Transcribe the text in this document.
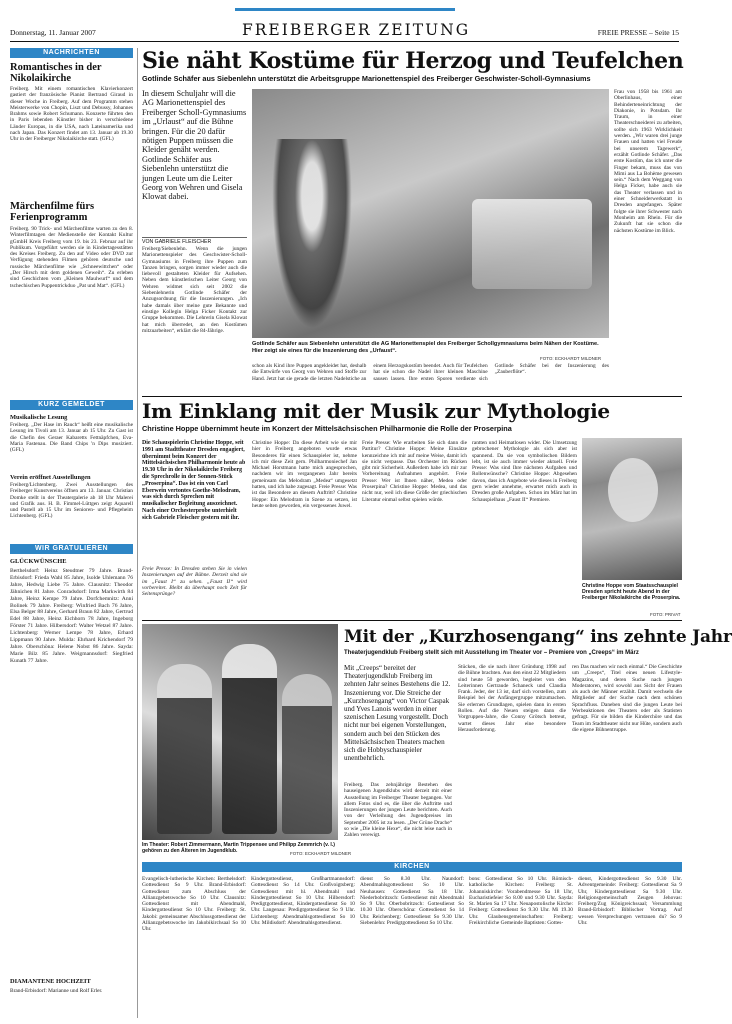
Donnerstag, 11. Januar 2007	FREIBERGER ZEITUNG	FREIE PRESSE – Seite 15
NACHRICHTEN
Romantisches in der Nikolaikirche
Freiberg. Mit einem romantischen Klavierkonzert gastiert der französische Pianist Bertrand Giraud in dieser Woche in Freiberg. Auf dem Programm stehen Meisterwerke von Chopin, Liszt und Debussy, Johannes Brahms sowie Robert Schumann. Konzerte führten den in Paris lebenden Künstler bisher in verschiedene Länder Europas, in die USA, nach Lateinamerika und nach Japan. Das Konzert findet am 13. Januar ab 19.30 Uhr in der Freiberger Nikolaikirche statt. (GFL)
Märchenfilme fürs Ferienprogramm
Freiberg. 90 Trick- und Märchenfilme warten zu den 8. Winterfilmtagen der Medienstelle der Kontakt Kultur gGmbH Kreis Freiberg vom 19. bis 23. Februar auf ihr Publikum. Vorgeführt werden sie in Kindertagesstätten des Kreises Freiberg. Zu den auf Video oder DVD zur Verfügung stehenden Filmen gehören deutsche und russische Märchenfilme wie „Schneewittchen“ oder „Der Hirsch mit dem goldenen Geweih“. Zu erleben sind Geschichten vom „Kleinen Maulwurf“ und dem tschechischen Puppentrickduo „Pat und Mat“. (GFL)
KURZ GEMELDET
Musikalische Lesung
Freiberg. „Der Hase im Rauch“ heißt eine musikalische Lesung im Tivoli am 13. Januar ab 15 Uhr. Zu Gast ist die Chefin des Geraer Kabaretts Fettnäpfchen, Eva-Maria Fastenau. Die Band Chips 'n Dips musiziert. (GFL)
Verein eröffnet Ausstellungen
Freiberg/Lichtenberg. Zwei Ausstellungen des Freiberger Kunstvereins öffnen am 13. Januar. Christian Domke stellt in der Theatergalerie ab 18 Uhr Malerei und Grafik aus. H. B. Fimmel-Lüttgen zeigt Aquarell und Pastell ab 15 Uhr im Senioren- und Pflegeheim Lichtenberg. (GFL)
WIR GRATULIEREN
GLÜCKWÜNSCHE
Berthelsdorf: Heinz Steudtner 79 Jahre. Brand-Erbisdorf: Frieda Wahl 85 Jahre, Isolde Uhlemann 76 Jahre, Hedwig Liebe 75 Jahre. Clausnitz: Theodor Jähnichen 81 Jahre. Conradsdorf: Irma Markwirth 84 Jahre, Heinz Kempe 79 Jahre. Dorfchemnitz: Anni Bolinek 79 Jahre. Freiberg: Winfried Bach 76 Jahre, Elsa Belger 88 Jahre, Gerhard Braun 82 Jahre, Gertrud Edel 88 Jahre, Heinz Eichhorn 78 Jahre, Ingeborg Förster 71 Jahre. Hilbersdorf: Walter Wetzel 87 Jahre. Lichtenberg: Werner Lempe 78 Jahre, Erhard Lippmann 90 Jahre. Mulda: Ehrhard Krichendorf 79 Jahre. Oberschöna: Helene Nobst 86 Jahre. Sayda: Marie Bilz 85 Jahre. Weigmannsdorf: Siegfried Kunath 77 Jahre.
DIAMANTENE HOCHZEIT
Brand-Erbisdorf: Marianne und Rolf Erler.
Sie näht Kostüme für Herzog und Teufelchen
Gotlinde Schäfer aus Siebenlehn unterstützt die Arbeitsgruppe Marionettenspiel des Freiberger Geschwister-Scholl-Gymnasiums
In diesem Schuljahr will die AG Marionettenspiel des Freiberger Scholl-Gymnasiums im „Urlaust“ auf die Bühne bringen. Für die 20 dafür nötigen Puppen müssen die Kleider genäht werden. Gotlinde Schäfer aus Siebenlehn unterstützt die jungen Leute um die Leiter Georg von Wehren und Gisela Klowat dabei.
VON GABRIELE FLEISCHER
Freiberg/Siebenlehn. Wenn die jungen Marionettenspieler des Geschwister-Scholl-Gymnasiums in Freiberg ihre Puppen zum Tanzen bringen, sorgen immer wieder auch die liebevoll gestalteten Kleider für Aufsehen. Neben dem künstlerischen Leiter Georg von Wehren widmet sich seit 2002 die Siebenlehnerin Gotlinde Schäfer der Anzugsordnung für die Inszenierungen. „Ich habe damals über meine gute Bekannte und einstige Kollegin Helga Ficker Kontakt zur Gruppe bekommen. Die Lehrerin Gisela Klowat hat mich überredet, an den Kostümen mitzuarbeiten“, erklärt die 84-Jährige.
Gotlinde Schäfer aus Siebenlehn unterstützt die AG Marionettenspiel des Freiberger Schollgymnasiums beim Nähen der Kostüme. Hier zeigt sie eines für die Inszenierung des „Urfaust“.
FOTO: ECKHARDT MILDNER
schon als Kind ihre Puppen angekleidet hat, deshalb die Entwürfe von Georg von Wehren und Stoffe zur Hand. Jetzt hat sie gerade die letzten Nadelstiche an einem Herzogskostüm beendet. Auch für Teufelchen hat sie schon die Nadel ihrer kleinen Maschine sausen lassen. Ihre ersten Sporen verdiente sich Gotlinde Schäfer bei der Inszenierung des „Zauberflöte“.
Frau von 1958 bis 1961 am Oberlinhaus, einer Behinderteneinrichtung der Diakonie, in Potsdam. Ihr Traum, in einer Theaterschneiderei zu arbeiten, sollte sich 1963 Wirklichkeit werden. „Wir waren drei junge Frauen und hatten viel Freude bei unserem Tagewerk“, erzählt Gotlinde Schäfer. „Das erste Kostüm, das ich unter die Finger bekam, muss das von Mimi aus La Bohème gewesen sein.“ Nach dem Weggang von Helga Ficker, habe auch sie das Theater verlassen und in einer Schneiderwerkstatt in Dresden angefangen. Später folgte sie ihrer Schwester nach Monheim am Rhein. Für die Zukunft hat sie schon die nächsten Kostüme im Blick.
Im Einklang mit der Musik zur Mythologie
Christine Hoppe übernimmt heute im Konzert der Mittelsächsischen Philharmonie die Rolle der Proserpina
Die Schauspielerin Christine Hoppe, seit 1991 am Stadttheater Dresden engagiert, übernimmt beim Konzert der Mittelsächsischen Philharmonie heute ab 19.30 Uhr in der Nikolaikirche Freiberg die Sprechrolle in der Sonnen-Stück „Proserpina“. Das ist ein von Carl Eberwein vertontes Goethe-Melodram, was sich durch Sprechen mit musikalischer Begleitung auszeichnet. Nach einer Orchesterprobe unterhielt sich Gabriele Fleischer gestern mit ihr.
Freie Presse: In Dresden stehen Sie in vielen Inszenierungen auf der Bühne. Derzeit sind sie im „Faust I“ zu sehen. „Faust II“ wird vorbereitet. Bleibt da überhaupt noch Zeit für Seitensprünge?
Christine Hoppe: Da diese Arbeit wie sie mir hier in Freiberg angeboten wurde etwas Besonderes für einen Schauspieler ist, nehme ich mir diese Zeit gern. Philharmoniechef Jan Michael Horstmann hatte mich angesprochen, nachdem wir im vergangenen Jahr bereits gemeinsam das Melodram „Medea“ umgesetzt hatten, und ich habe zugesagt. Freie Presse: Was ist das Besondere an diesem Auftritt? Christine Hoppe: Ein Melodram in Szene zu setzen, ist heute selten geworden, ein vergessenes Juwel.
Freie Presse: Wie erarbeiten Sie sich dann die Partitur? Christine Hoppe: Meine Einsätze kennzeichne ich mir auf meine Weise, damit ich sie nicht verpasse. Das Orchester im Rücken gibt mir Sicherheit. Außerdem habe ich mir zur Vorbereitung Aufnahmen angehört. Freie Presse: Wer ist Ihnen näher, Medea oder Proserpina? Christine Hoppe: Medea, und das nicht nur, weil ich diese Größe der griechischen Literatur einmal selbst spielen würde.
rantten und Heimatlosen wider. Die Umsetzung gebrochener Mythologie als sich aber ist spannend. Da sie von symbolischen Bildern lebt, ist sie auch immer wieder aktuell. Freie Presse: Was sind Ihre nächsten Aufgaben und Rollenwünsche? Christine Hoppe: Abgesehen davon, dass ich Angebote wie dieses in Freiberg gern wieder annehme, erwartet mich auch in Dresden große Aufgaben. Schon im März hat im Schauspielhaus „Faust II“ Premiere.
Christine Hoppe vom Staatsschauspiel Dresden spricht heute Abend in der Freiberger Nikolaikirche die Proserpina.
FOTO: PRIVAT
Im Theater: Robert Zimmermann, Martin Trippensee und Philipp Zemmrich (v. l.) gehören zu den Älteren im Jugendklub.	FOTO: ECKHARDT MILDNER
Mit der „Kurzhosengang“ ins zehnte Jahr
Theaterjugendklub Freiberg stellt sich mit Ausstellung im Theater vor – Premiere von „Creeps“ im März
Mit „Creeps“ bereitet der Theaterjugendklub Freiberg im zehnten Jahr seines Bestehens die 12. Inszenierung vor. Die Streiche der „Kurzhosengang“ von Victor Caspak und Yves Lanois werden in einer szenischen Lesung vorgestellt. Doch nicht nur bei eigenen Vorstellungen, sondern auch bei den Stücken des Mittelsächsischen Theaters machen sich die Hobbyschauspieler unentbehrlich.
Freiberg. Das zehnjährige Bestehen des hauseigenen Jugendklubs wird derzeit mit einer Ausstellung im Freiberger Theater begangen. Vor allem Fotos sind es, die über die Auftritte und Inszenierungen der jungen Leute berichten. Auch von der Verleihung des Jugendpreises im September 2005 ist zu lesen. „Der Grüne Drache“ so wie „Die kleine Hexe“, die nicht leise nach in Zahlen verewigt.
Stücken, die sie nach ihrer Gründung 1998 auf die Bühne brachten. Aus den einst 22 Mitgliedern sind heute 50 geworden, begleitet von den Leiterinnen Gertraude Schaneck und Claudia Frank. Jeder, der 13 ist, darf sich vorstellen, zum Beispiel bei der Anfängergruppe mitzumachen. Sie erlernen Grundlagen, spielen dann in ersten Rollen. Auf die Neuen steigen dann die Vorgruppen-Jahre, die Conny Grötsch betreut, wartet dieses Jahr eine besondere Herausforderung.
ren Das machen wir noch einmal.“ Die Geschichte um „Creeps“, Titel eines neuen Lifestyle-Magazins, und deren Suche nach jungen Moderatoren, wird sowohl aus Sicht der Frauen als auch der Männer erzählt. Damit wechseln die Mitglieder auf der Suche nach dem schönen Sprachfluss. Daneben sind die jungen Leute bei Werbeaktionen des Theaters oder als Statisten gefragt. Für sie bilden die Kinderchöre und das Team im Stadttheater nicht nur Hüte, sondern auch die eigene Bühnentruppe.
KIRCHEN
Evangelisch-lutherische Kirchen: Berthelsdorf: Gottesdienst So 9 Uhr. Brand-Erbisdorf: Gottesdienst zum Abschluss der Allianzgebetswoche So 10 Uhr. Clausnitz: Gottesdienst mit Abendmahl, Kindergottesdienst So 10 Uhr. Freiberg: St. Jakobi: gemeinsamer Abschlussgottesdienst der Allianzgebetswoche im Jakobikirchsaal So 10 Uhr.
Kindergottesdienst, Großhartmannsdorf: Gottesdienst So 14 Uhr. Großvoigtsberg: Gottesdienst mit hl. Abendmahl und Kindergottesdienst So 10 Uhr. Hilbersdorf: Predigtgottesdienst, Kindergottesdienst So 10 Uhr. Langenau: Predigtgottesdienst So 9 Uhr. Lichtenberg: Abendmahlsgottesdienst So 10 Uhr. Mildisdorf: Abendmahlsgottesdienst.
dienst So 8.30 Uhr. Naundorf: Abendmahlsgottesdienst So 10 Uhr. Neuhausen: Gottesdienst Sa 18 Uhr. Niederbobritzsch: Gottesdienst mit Abendmahl So 9 Uhr. Oberbobritzsch: Gottesdienst So 10.30 Uhr. Oberschöna: Gottesdienst So 14 Uhr. Reichenberg: Gottesdienst So 9.30 Uhr. Siebenlehn: Predigtgottesdienst So 10 Uhr.
bons: Gottesdienst So 10 Uhr. Römisch-katholische Kirchen: Freiberg: St. Johanniskirche: Vorabendmesse Sa 18 Uhr, Eucharistiefeier So 8.00 und 9.30 Uhr. Sayda: St. Marien Sa 17 Uhr. Neuapostolische Kirche: Freiberg: Gottesdienst So 9.30 Uhr. Mi 19.30 Uhr. Glaubensgemeinschaften: Freiberg: Freikirchliche Gemeinde Baptisten: Gottes-
dienst, Kindergottesdienst So 9.30 Uhr. Adventgemeinde: Freiberg: Gottesdienst Sa 9 Uhr, Kindergottesdienst Sa 9.30 Uhr. Religionsgemeinschaft Zeugen Jehovas: Freiberg/Zug Königreichssaal; Versammlung Brand-Erbisdorf: Biblischer Vortrag. Auf wessen Versprechungen vertrauen du? So 9 Uhr.
